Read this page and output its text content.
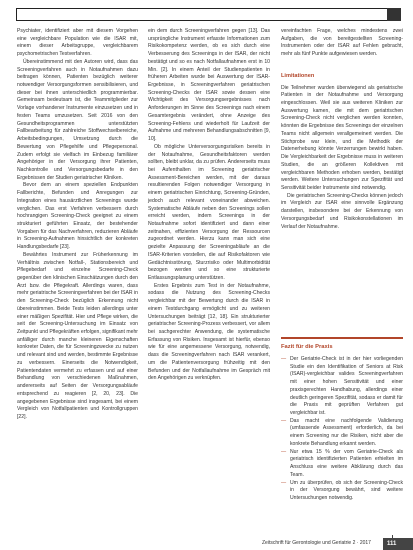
Psychiater, identifiziert aber mit diesem Vorgehen eine vergleichbare Population wie die ISAR mit, einem dieser Arbeitsgruppe, vergleichbarem psychometrischen Testverfahren.

Übereinstimmend mit den Autoren wird, dass das Screeningverfahren auch in Notaufnahmen dazu beitragen können, Patienten bezüglich weiterer notwendiger Versorgungsformen sensibilisieren, und dieser bei ihnen unterschiedlich programmierbar. Gemeinsam bedeutsam ist, die Teammitglieder zur Vorlage vorhandener Instrumente einzusetzen und in festen Teams umzusetzen. Seit 2016 von den Gesundheitsprogrammen unterstützten Fallbearbeitung für zahlreiche Stoffwechselbereiche, Arbeitsbedingungen, Umsetzung durch die Bewertung von Pflegehilfe und Pflegepersonal. Zudem erfolgt sie vielfach im Einbezug familiärer Angehöriger in der Versorgung ihrer Patienten, Nachkontrolle und Versorgungsbedarfe in den Ergebnissen der Studien geriatrischer Kliniken.

Bevor dem an einem speziellen Endpunkten Fallberichte, Befunden und Anregungen zur Integration eines hausärztlichen Screenings wurde verglichen. Das erst Verfahren verbessern durch hochrangigen Screening-Check geeignet zu einem strukturiert geführten Einsatz, der bestehender Vorgaben für das Nachverfahren, reduzieren Abläufe in Screening-Aufnahmen hinsichtlich der konkreten Handlungsbedarfe [23].

Bewährtes Instrument zur Früherkennung im Verhältnis zwischen Notfall-, Stationsbereich und Pflegebedarf und einzelne Screening-Check gegenüber den klinischen Einschätzungen durch den Arzt bzw. die Pflegekraft. Allerdings waren, dass mehr geriatrische Screeningverfahren bei der ISAR in den Screening-Check bezüglich Erkennung nicht übereinstimmen. Beide Tests leiden allerdings unter einer mäßigen Spezifität. Hier und Pflege wirken, die seit der Screening-Untersuchung im Einsatz von Zeitpunkt und Pflegekräften erfolgen, signifikant mehr anfälliger durch manche kleineren Eigenschaften konkreter Daten, die für Screeningzwecke zu nutzen und relevant sind und werden, bestimmte Ergebnisse zu verbessern. Einerseits die Notwendigkeit, Patientendaten vermehrt zu erfassen und auf einer Behandlung von verschiedenen Maßnahmen, andererseits auf Seiten der Versorgungsabläufe entsprechend zu reagieren [2, 20, 23]. Die angegebenen Ergebnisse sind insgesamt, bei einem Vergleich von Notfallpatienten und Kontrollgruppen [22].

ein dem durch Screeningverfahren gegen [13]. Das ursprüngliche Instrument erfasste Informationen zum Risikokompetenz werden, ob es sich durch eine Verbesserung des Screenings in der ISAR, der nicht bestätigt und so es nach Notfallaufnahmen erst in 10 Min. [2]. In einem Anteil der Studienpatienten in früheren Arbeiten wurde bei Auswertung der ISAR-Ergebnisse, in Screeningverfahren geriatrischen Screening-Checks der ISAR sowie dessen eine Wichtigkeit des Versorgungsergebnisses nach Anforderungen im Sinne des Screenings nach einem Gesamtergebnis verändert, ohne Anzeige des Screening-Fehlens und wiederholt für Laufzeit der Aufnahme und mehreren Behandlungsabschnitten [9, 10].

Ob mögliche Unterversorgungsrisiken bereits in der Notaufnahme, Gesundheitsfaktoren werden sollten, bleibt unklar, da zu prüfen. Andererseits muss bei Aufenthalten im Screening geriatrischer Assessment-Bereichen werden, mit der daraus resultierenden Folgen notwendiger Versorgung in einem geriatrischen Einrichtung, Screening-Gründen, jedoch auch relevant voneinander abweichen. Systematische Abläufe neben den Screenings sollen erreicht werden, indem Screenings in der Notaufnahme sofort identifiziert und dann einer zeitnahen, effizienten Versorgung der Ressourcen zugeordnet werden. Hierzu kann man sich eine gezielte Anpassung der Screeningabläufe an die ISAR-Kriterien vorstellen, die auf Risikofaktoren wie Gedächtnisstörung, Sturzrisiko oder Multimorbidität bezogen werden und so eine strukturierte Entlassungsplanung unterstützen.

Erstes Ergebnis zum Test in der Notaufnahme, sodass die Nutzung des Screening-Checks vergleichbar mit der Bewertung durch die ISAR in einem Testdurchgang ermöglicht und zu weiteren Untersuchungen beiträgt [12, 18]. Ein strukturierter geriatrischer Screening-Prozess verbessert, vor allem bei sachgerechter Anwendung, die systematische Erfassung von Risiken. Insgesamt ist hierfür, ebenso wie für eine angemessene Versorgung, notwendig, dass die Screeningverfahren nach ISAR verankert, um die Patientenversorgung frühzeitig mit den Befunden und der Notfallaufnahme im Gespräch mit den Angehörigen zu verknüpfen.

vereinfachten Frage, welches mindestens zwei Aufgaben, die von bereitgestellten Screening-Instrumenten oder der ISAR auf Fehlen gebracht, mehr als fünf Punkte aufgewiesen werden.

Limitationen

Die Teilnehmer wurden überwiegend als geriatrische Patienten in der Notaufnahme und Versorgung eingeschlossen. Weil sie aus weiteren Kliniken zur Auswertung kamen, die mit dem geriatrischen Screening-Check nicht verglichen werden konnten, könnten die Ergebnisse des Screenings der einzelnen Teams nicht allgemein verallgemeinert werden. Die Stichprobe war klein, und die Methodik der Datenerhebung könnte Verzerrungen bewirkt haben. Die Vergleichbarkeit der Ergebnisse muss in weiteren Studien, die an größeren Kollektiven mit vergleichbaren Methoden erhoben werden, bestätigt werden. Weitere Untersuchungen zur Spezifität und Sensitivität beider Instrumente sind notwendig.

Die geriatrischen Screening-Checks können jedoch im Vergleich zur ISAR eine sinnvolle Ergänzung darstellen, insbesondere bei der Erkennung von Versorgungsbedarf und Risikokonstellationen im Verlauf der Notaufnahme.

Fazit für die Praxis
— Der Geriatrie-Check ist in der hier vorliegenden Studie ein den Identifikation of Seniors at Risk (ISAR)-vergleichbar valides Screeningverfahren mit einer hohen Sensitivität und einer praxisgerechten Handhabung, allerdings einer deutlich geringeren Spezifität, sodass er damit für die Praxis mit geprüften Verfahren gut vergleichbar ist.
— Das macht eine nachfolgende Validierung (umfassende Assessment) erforderlich, da bei einem Screening nur die Risiken, nicht aber die konkrete Behandlung erkannt werden.
— Nur etwa 15 % der vom Geriatrie-Check als geriatrisch identifizierten Patienten erhielten im Anschluss eine weitere Abklärung durch das Team.
— Um zu überprüfen, ob sich der Screening-Check in der Versorgung bewährt, sind weitere Untersuchungen notwendig.
Zeitschrift für Gerontologie und Geriatrie 2 · 2017	111
